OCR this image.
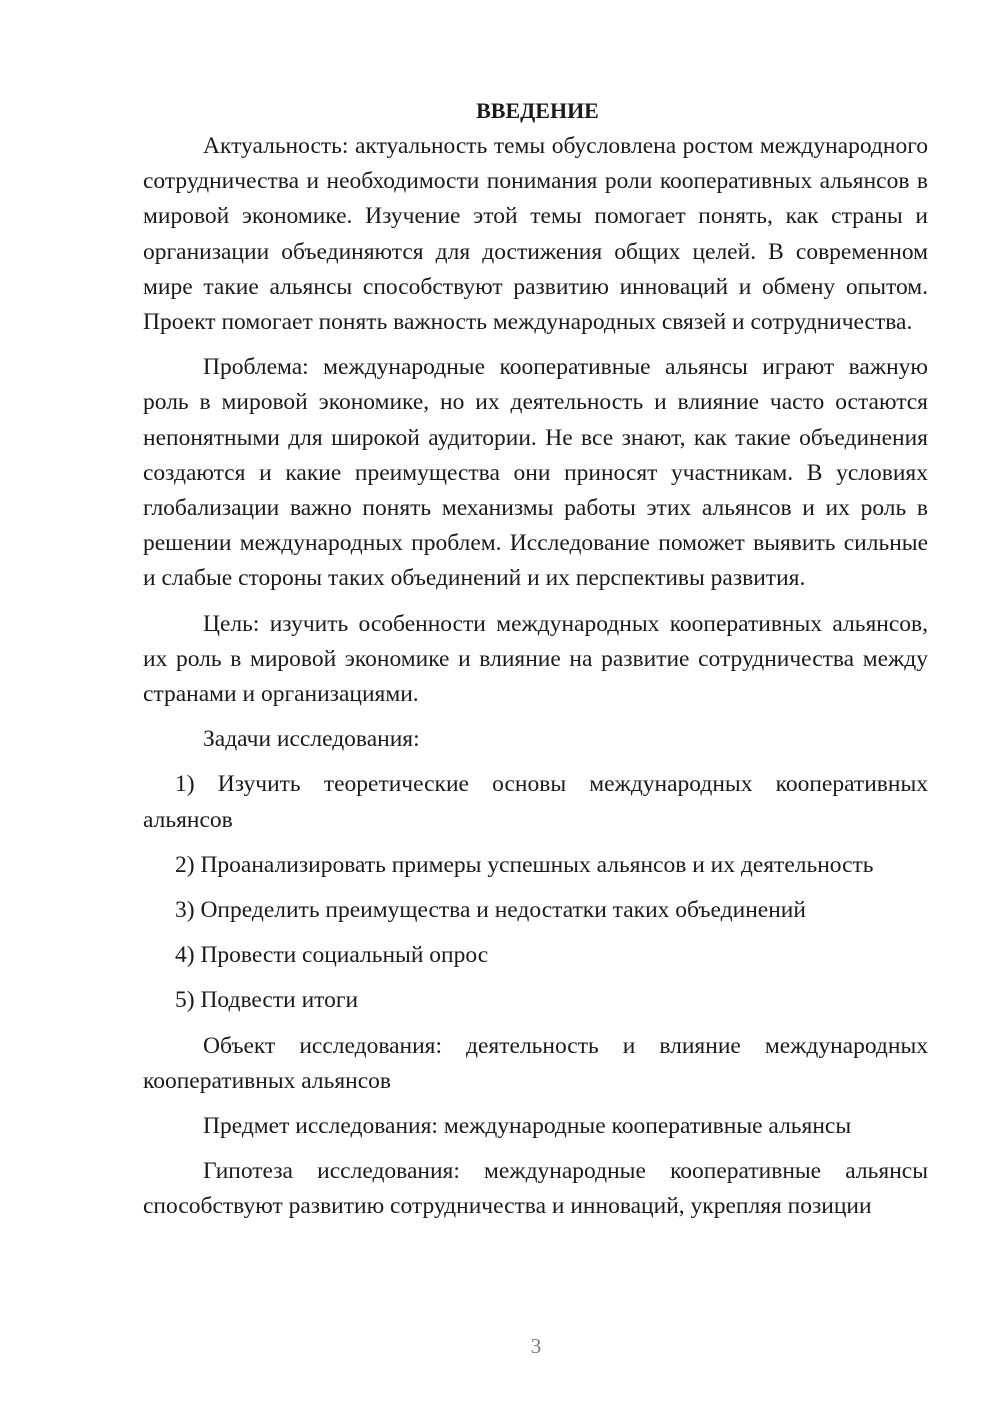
ВВЕДЕНИЕ

Актуальность: актуальность темы обусловлена ростом международного сотрудничества и необходимости понимания роли кооперативных альянсов в мировой экономике. Изучение этой темы помогает понять, как страны и организации объединяются для достижения общих целей. В современном мире такие альянсы способствуют развитию инноваций и обмену опытом. Проект помогает понять важность международных связей и сотрудничества.

Проблема: международные кооперативные альянсы играют важную роль в мировой экономике, но их деятельность и влияние часто остаются непонятными для широкой аудитории. Не все знают, как такие объединения создаются и какие преимущества они приносят участникам. В условиях глобализации важно понять механизмы работы этих альянсов и их роль в решении международных проблем. Исследование поможет выявить сильные и слабые стороны таких объединений и их перспективы развития.

Цель: изучить особенности международных кооперативных альянсов, их роль в мировой экономике и влияние на развитие сотрудничества между странами и организациями.

Задачи исследования:

1) Изучить теоретические основы международных кооперативных альянсов

2) Проанализировать примеры успешных альянсов и их деятельность

3) Определить преимущества и недостатки таких объединений

4) Провести социальный опрос

5) Подвести итоги

Объект исследования: деятельность и влияние международных кооперативных альянсов

Предмет исследования: международные кооперативные альянсы

Гипотеза исследования: международные кооперативные альянсы способствуют развитию сотрудничества и инноваций, укрепляя позиции

3
